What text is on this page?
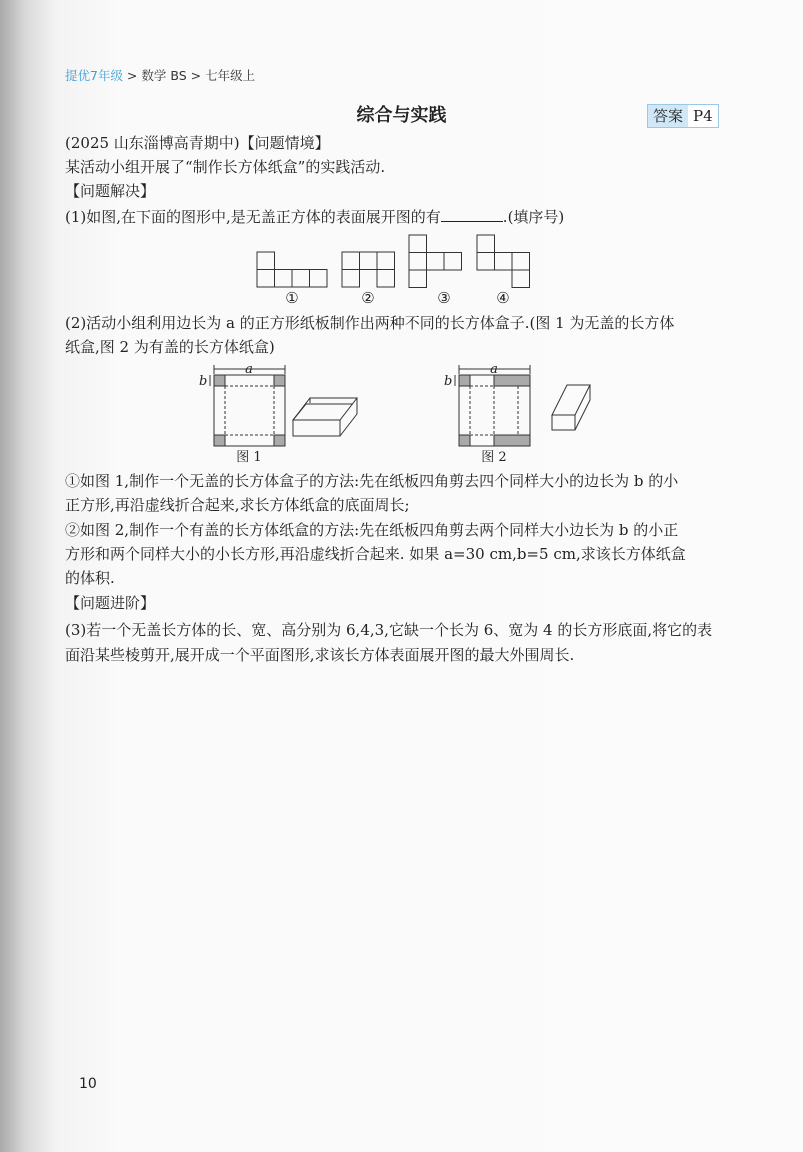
提优7年级 > 数学 BS > 七年级上
综合与实践	答案 P4
(2025 山东淄博高青期中)【问题情境】
某活动小组开展了“制作长方体纸盒”的实践活动.
【问题解决】
(1)如图,在下面的图形中,是无盖正方体的表面展开图的有	.(填序号)
(2)活动小组利用边长为 a 的正方形纸板制作出两种不同的长方体盒子.(图 1 为无盖的长方体
纸盒,图 2 为有盖的长方体纸盒)
①如图 1,制作一个无盖的长方体盒子的方法:先在纸板四角剪去四个同样大小的边长为 b 的小
正方形,再沿虚线折合起来,求长方体纸盒的底面周长;
②如图 2,制作一个有盖的长方体纸盒的方法:先在纸板四角剪去两个同样大小边长为 b 的小正
方形和两个同样大小的小长方形,再沿虚线折合起来. 如果 a=30 cm,b=5 cm,求该长方体纸盒
的体积.
【问题进阶】
(3)若一个无盖长方体的长、宽、高分别为 6,4,3,它缺一个长为 6、宽为 4 的长方形底面,将它的表
面沿某些棱剪开,展开成一个平面图形,求该长方体表面展开图的最大外围周长.
①	②	③	④
a
b
a
b
图 1	图 2
10
